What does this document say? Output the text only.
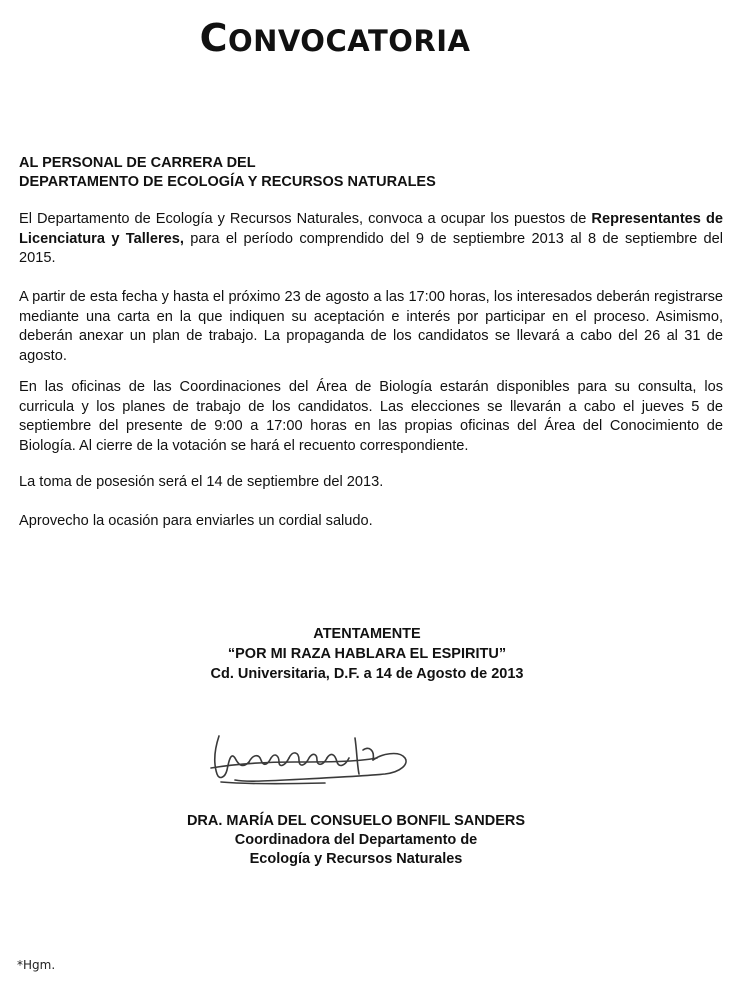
CONVOCATORIA
AL PERSONAL DE CARRERA DEL
DEPARTAMENTO DE ECOLOGÍA Y RECURSOS NATURALES
El Departamento de Ecología y Recursos Naturales, convoca a ocupar los puestos de Representantes de Licenciatura y Talleres, para el período comprendido del 9 de septiembre 2013 al 8 de septiembre del 2015.
A partir de esta fecha y hasta el próximo 23 de agosto a las 17:00 horas, los interesados deberán registrarse mediante una carta en la que indiquen su aceptación e interés por participar en el proceso. Asimismo, deberán anexar un plan de trabajo. La propaganda de los candidatos se llevará a cabo del 26 al 31 de agosto.
En las oficinas de las Coordinaciones del Área de Biología estarán disponibles para su consulta, los curricula y los planes de trabajo de los candidatos. Las elecciones se llevarán a cabo el jueves 5 de septiembre del presente de 9:00 a 17:00 horas en las propias oficinas del Área del Conocimiento de Biología. Al cierre de la votación se hará el recuento correspondiente.
La toma de posesión será el 14 de septiembre del 2013.
Aprovecho la ocasión para enviarles un cordial saludo.
ATENTAMENTE
“POR MI RAZA HABLARA EL ESPIRITU”
Cd. Universitaria, D.F. a 14 de Agosto de 2013
DRA. MARÍA DEL CONSUELO BONFIL SANDERS
Coordinadora del Departamento de
Ecología y Recursos Naturales
*Hgm.
